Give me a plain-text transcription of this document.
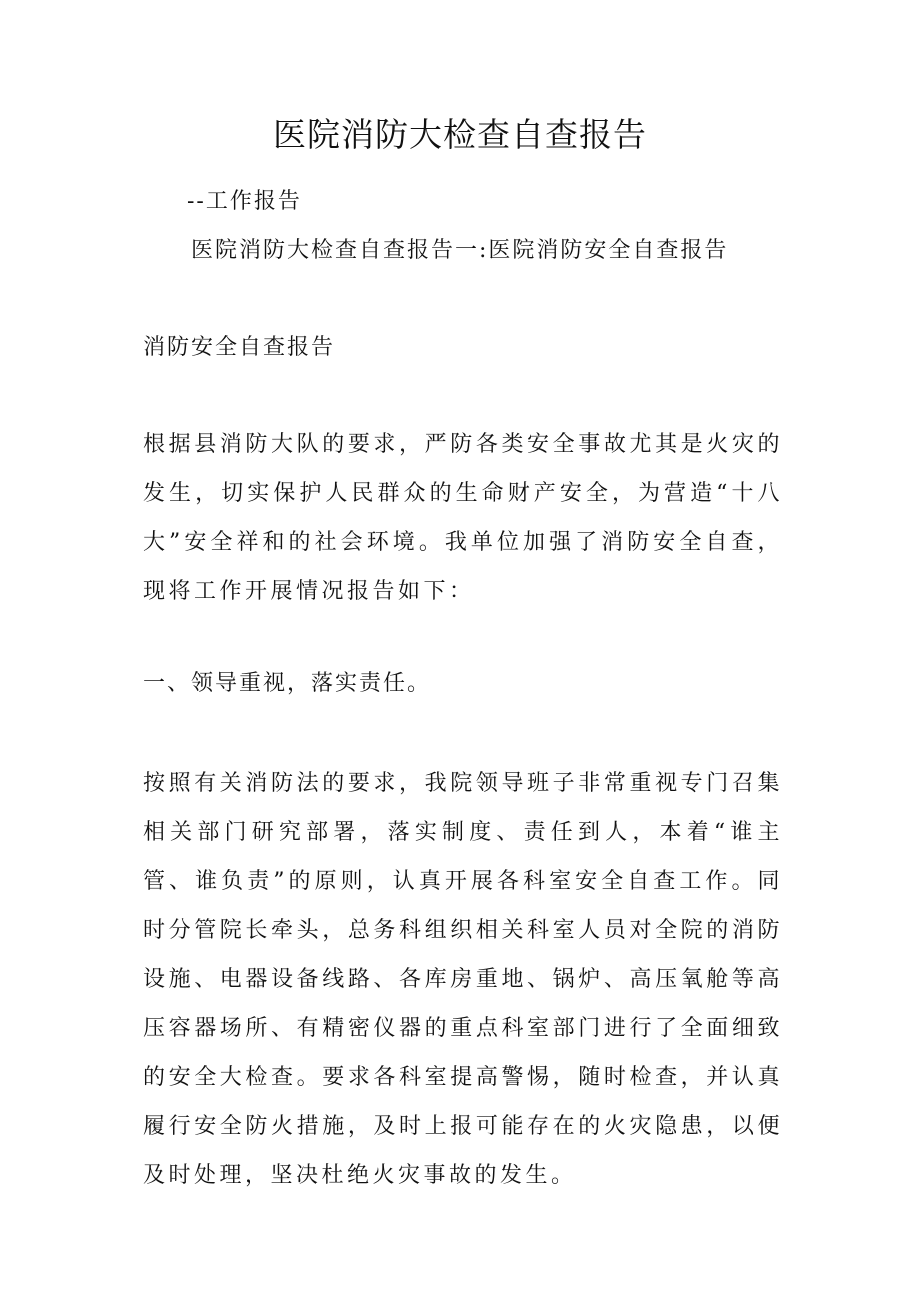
医院消防大检查自查报告
--工作报告
医院消防大检查自查报告一:医院消防安全自查报告
消防安全自查报告

根据县消防大队的要求，严防各类安全事故尤其是火灾的发生，切实保护人民群众的生命财产安全，为营造“十八大”安全祥和的社会环境。我单位加强了消防安全自查，现将工作开展情况报告如下：

一、领导重视，落实责任。

按照有关消防法的要求，我院领导班子非常重视专门召集相关部门研究部署，落实制度、责任到人，本着“谁主管、谁负责”的原则，认真开展各科室安全自查工作。同时分管院长牵头，总务科组织相关科室人员对全院的消防设施、电器设备线路、各库房重地、锅炉、高压氧舱等高压容器场所、有精密仪器的重点科室部门进行了全面细致的安全大检查。要求各科室提高警惕，随时检查，并认真履行安全防火措施，及时上报可能存在的火灾隐患，以便及时处理，坚决杜绝火灾事故的发生。
